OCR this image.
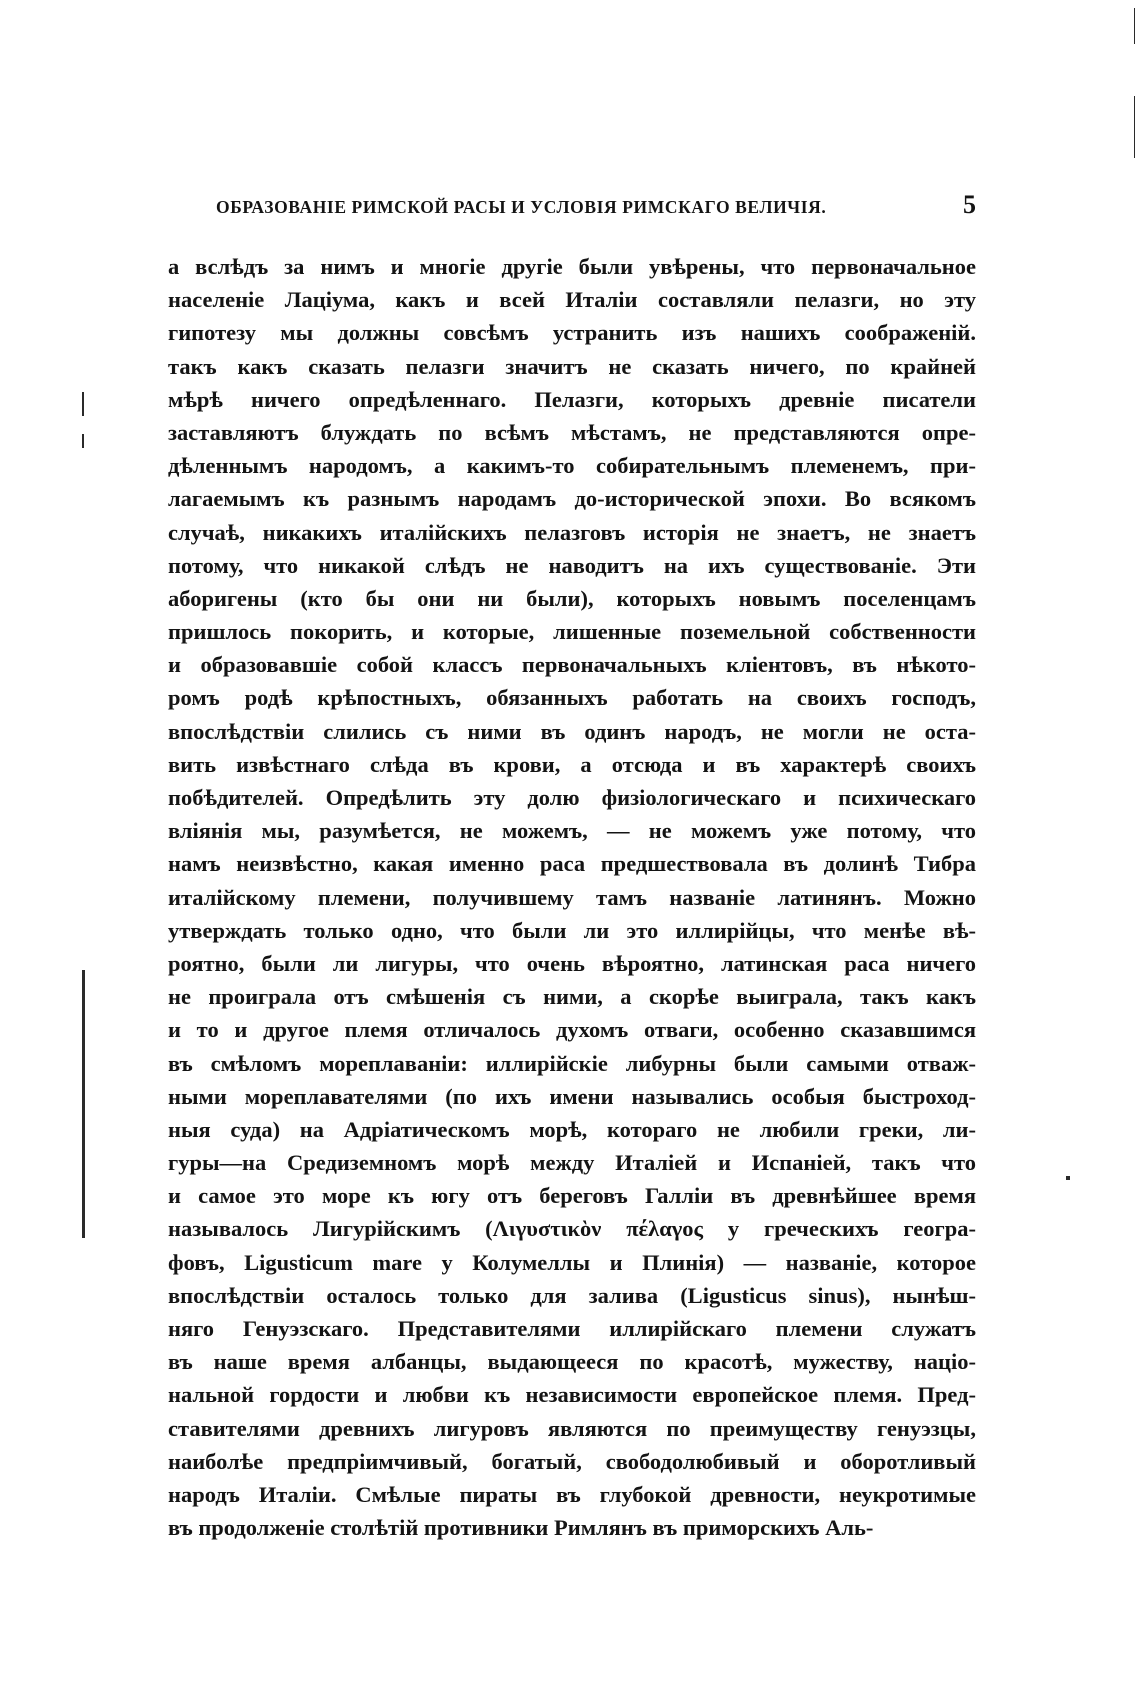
ОБРАЗОВАНІЕ РИМСКОЙ РАСЫ И УСЛОВІЯ РИМСКАГО ВЕЛИЧІЯ.	5
а вслѣдъ за нимъ и многіе другіе были увѣрены, что первоначальное
населеніе Лаціума, какъ и всей Италіи составляли пелазги, но эту
гипотезу мы должны совсѣмъ устранить изъ нашихъ соображеній.
такъ какъ сказать пелазги значитъ не сказать ничего, по крайней
мѣрѣ ничего опредѣленнаго. Пелазги, которыхъ древніе писатели
заставляютъ блуждать по всѣмъ мѣстамъ, не представляются опре-
дѣленнымъ народомъ, а какимъ-то собирательнымъ племенемъ, при-
лагаемымъ къ разнымъ народамъ до-исторической эпохи. Во всякомъ
случаѣ, никакихъ италійскихъ пелазговъ исторія не знаетъ, не знаетъ
потому, что никакой слѣдъ не наводитъ на ихъ существованіе. Эти
аборигены (кто бы они ни были), которыхъ новымъ поселенцамъ
пришлось покорить, и которые, лишенные поземельной собственности
и образовавшіе собой классъ первоначальныхъ кліентовъ, въ нѣкото-
ромъ родѣ крѣпостныхъ, обязанныхъ работать на своихъ господъ,
впослѣдствіи слились съ ними въ одинъ народъ, не могли не оста-
вить извѣстнаго слѣда въ крови, а отсюда и въ характерѣ своихъ
побѣдителей. Опредѣлить эту долю физіологическаго и психическаго
вліянія мы, разумѣется, не можемъ, — не можемъ уже потому, что
намъ неизвѣстно, какая именно раса предшествовала въ долинѣ Тибра
италійскому племени, получившему тамъ названіе латинянъ. Можно
утверждать только одно, что были ли это иллирійцы, что менѣе вѣ-
роятно, были ли лигуры, что очень вѣроятно, латинская раса ничего
не проиграла отъ смѣшенія съ ними, а скорѣе выиграла, такъ какъ
и то и другое племя отличалось духомъ отваги, особенно сказавшимся
въ смѣломъ мореплаваніи: иллирійскіе либурны были самыми отваж-
ными мореплавателями (по ихъ имени назывались особыя быстроход-
ныя суда) на Адріатическомъ морѣ, котораго не любили греки, ли-
гуры—на Средиземномъ морѣ между Италіей и Испаніей, такъ что
и самое это море къ югу отъ береговъ Галліи въ древнѣйшее время
называлось Лигурійскимъ (Λιγυστικὸν πέλαγος у греческихъ геогра-
фовъ, Ligusticum mare у Колумеллы и Плинія) — названіе, которое
впослѣдствіи осталось только для залива (Ligusticus sinus), нынѣш-
няго Генуэзскаго. Представителями иллирійскаго племени служатъ
въ наше время албанцы, выдающееся по красотѣ, мужеству, націо-
нальной гордости и любви къ независимости европейское племя. Пред-
ставителями древнихъ лигуровъ являются по преимуществу генуэзцы,
наиболѣе предпріимчивый, богатый, свободолюбивый и оборотливый
народъ Италіи. Смѣлые пираты въ глубокой древности, неукротимые
въ продолженіе столѣтій противники Римлянъ въ приморскихъ Аль-
